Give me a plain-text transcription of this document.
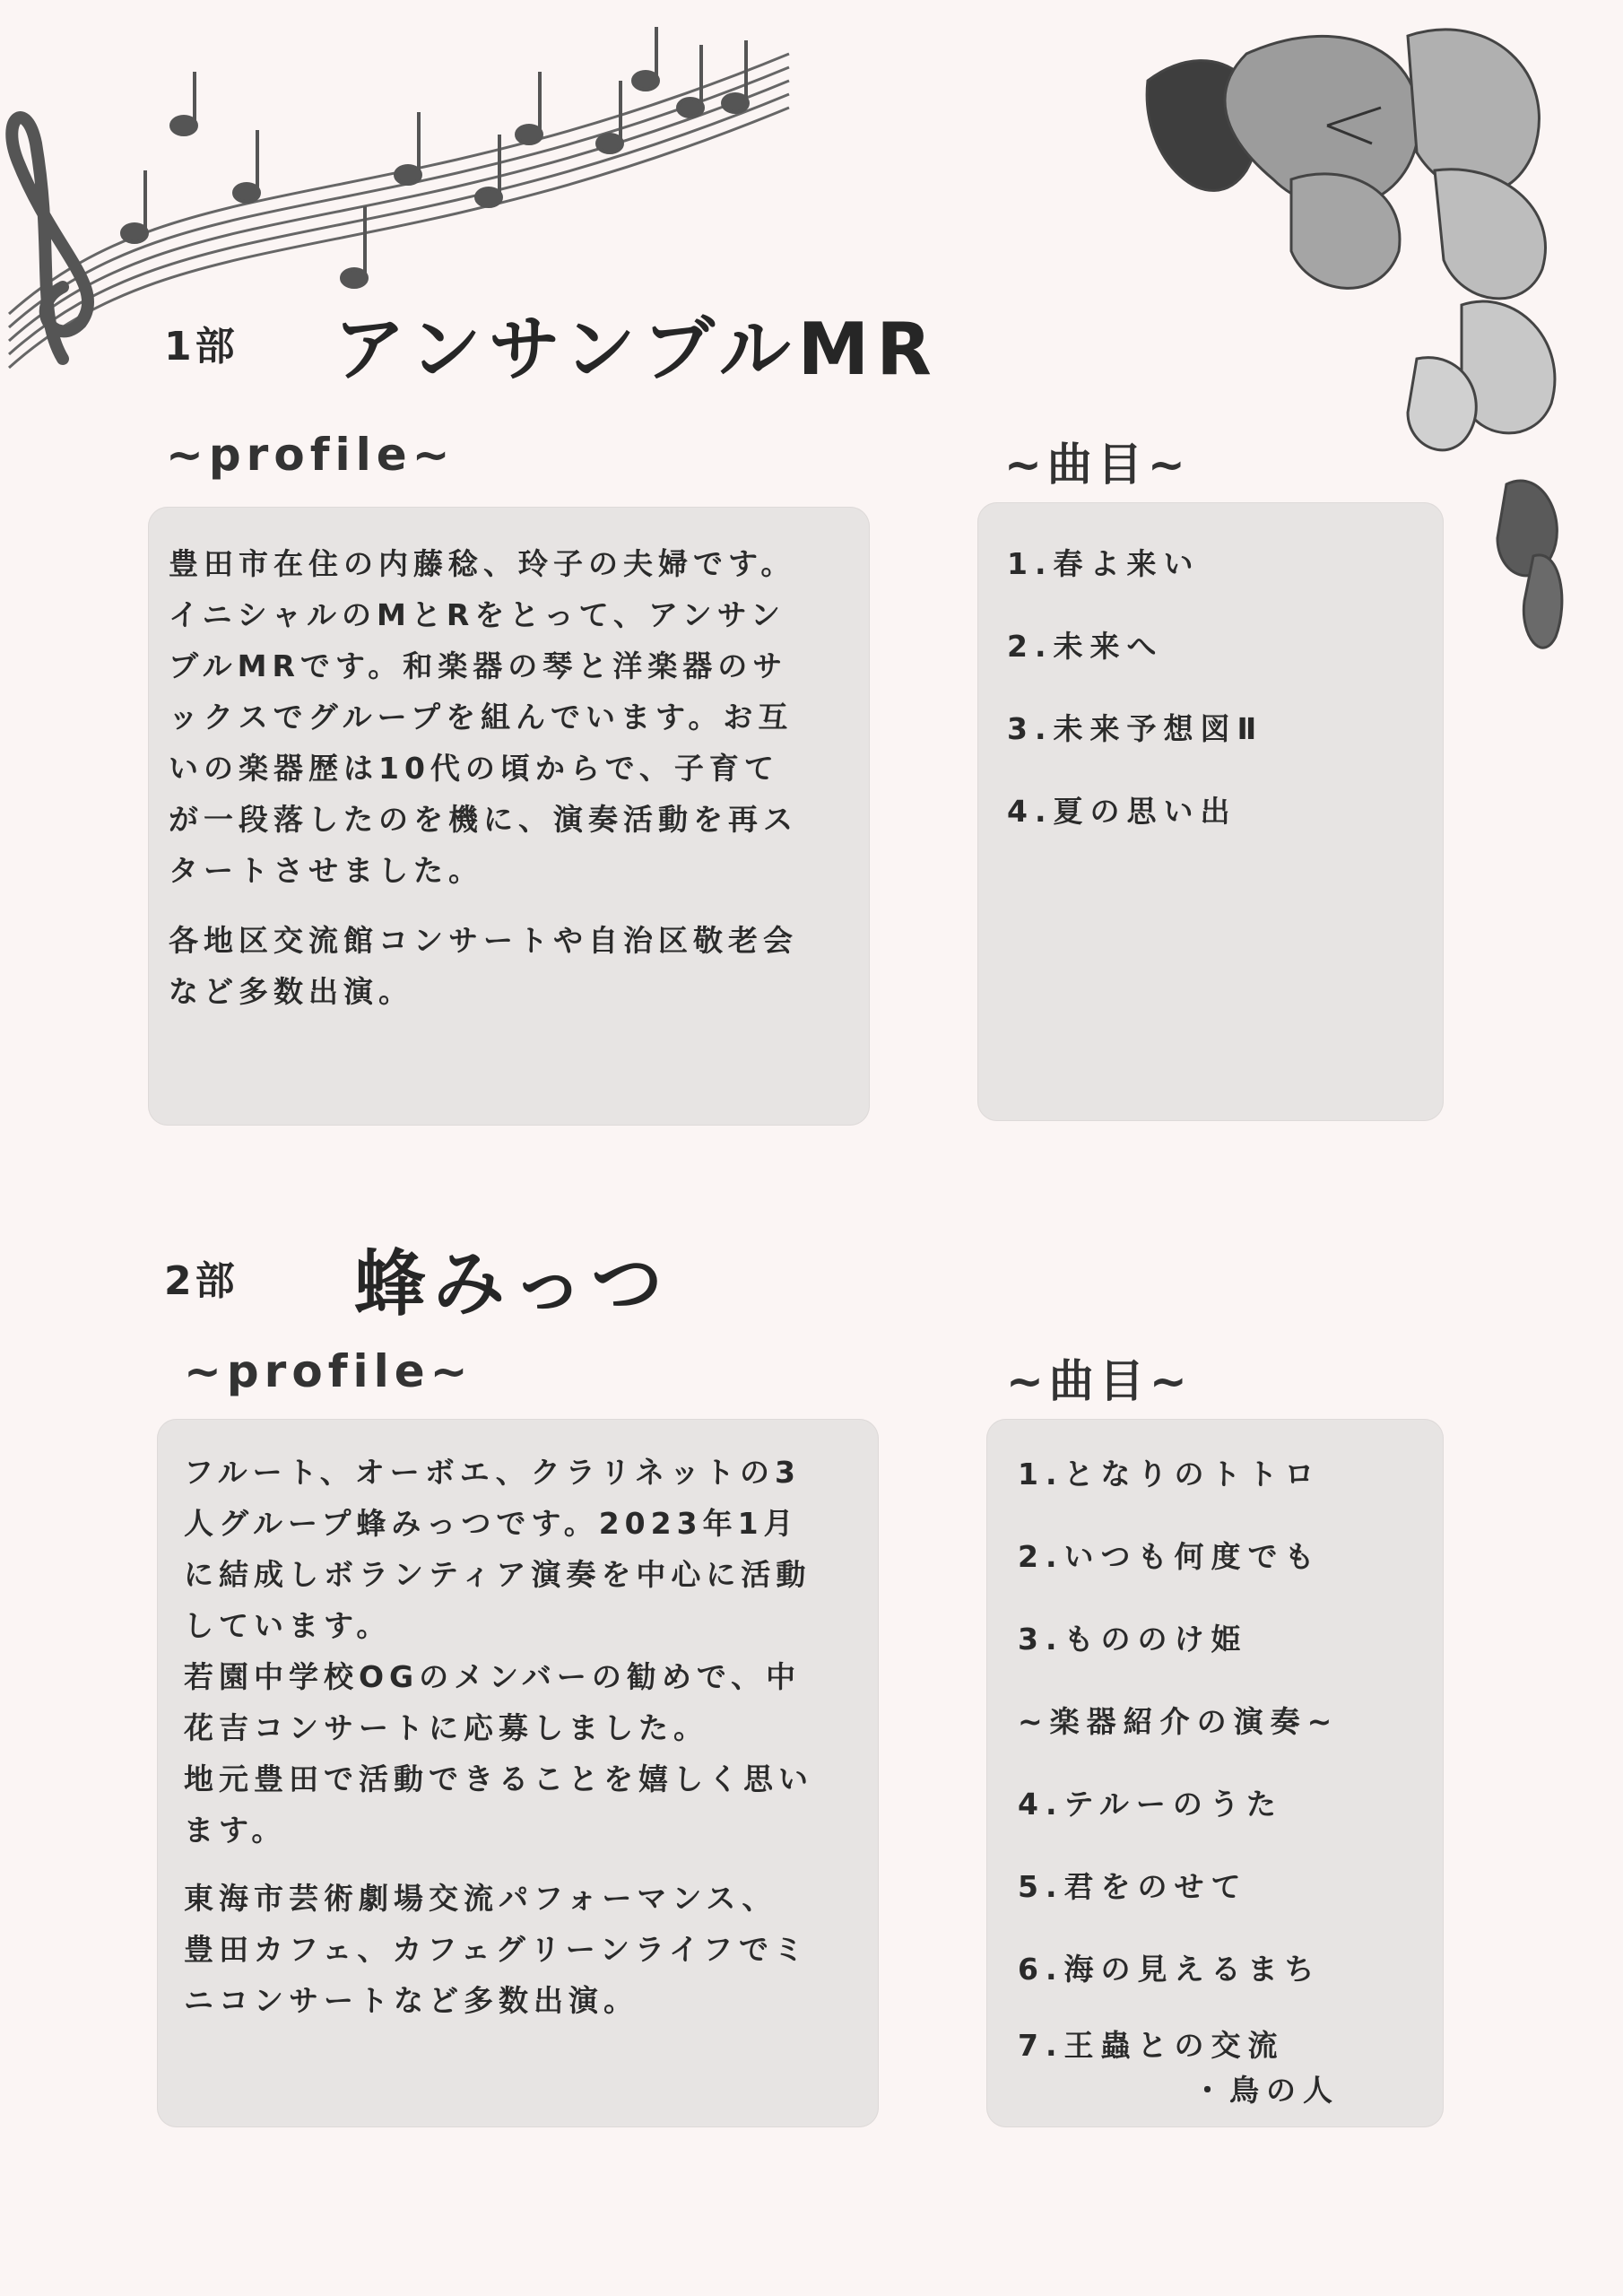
1部 アンサンブルMR
~profile~	~曲目~

豊田市在住の内藤稔、玲子の夫婦です。
イニシャルのMとRをとって、アンサン
ブルMRです。和楽器の琴と洋楽器のサ
ックスでグループを組んでいます。お互
いの楽器歴は10代の頃からで、子育て
が一段落したのを機に、演奏活動を再ス
タートさせました。

各地区交流館コンサートや自治区敬老会
など多数出演。

1.春よ来い
2.未来へ
3.未来予想図Ⅱ
4.夏の思い出
2部 蜂みっつ
~profile~	~曲目~

フルート、オーボエ、クラリネットの3
人グループ蜂みっつです。2023年1月
に結成しボランティア演奏を中心に活動
しています。
若園中学校OGのメンバーの勧めで、中
花吉コンサートに応募しました。
地元豊田で活動できることを嬉しく思い
ます。

東海市芸術劇場交流パフォーマンス、
豊田カフェ、カフェグリーンライフでミ
ニコンサートなど多数出演。

1.となりのトトロ
2.いつも何度でも
3.もののけ姫
~楽器紹介の演奏~
4.テルーのうた
5.君をのせて
6.海の見えるまち
7.王蟲との交流
・鳥の人
